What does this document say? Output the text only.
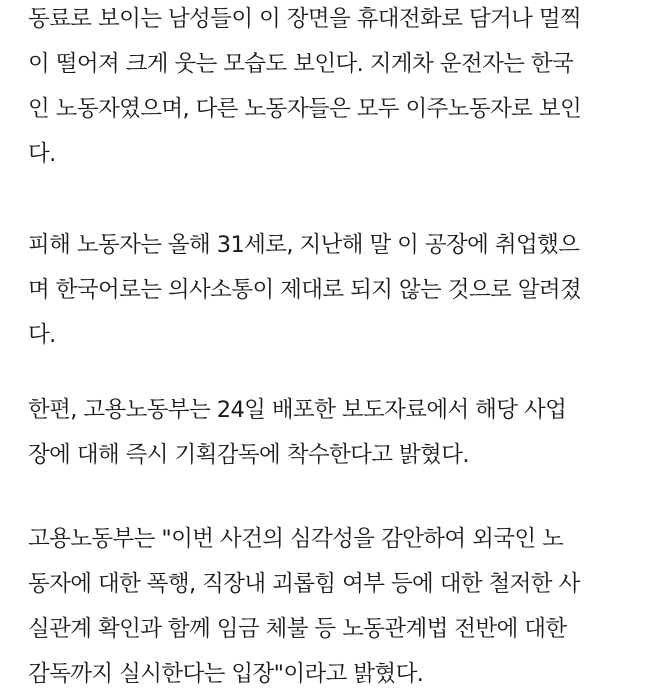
동료로 보이는 남성들이 이 장면을 휴대전화로 담거나 멀찍
이 떨어져 크게 웃는 모습도 보인다. 지게차 운전자는 한국
인 노동자였으며, 다른 노동자들은 모두 이주노동자로 보인
다.

피해 노동자는 올해 31세로, 지난해 말 이 공장에 취업했으
며 한국어로는 의사소통이 제대로 되지 않는 것으로 알려졌
다.

한편, 고용노동부는 24일 배포한 보도자료에서 해당 사업
장에 대해 즉시 기획감독에 착수한다고 밝혔다.

고용노동부는 "이번 사건의 심각성을 감안하여 외국인 노
동자에 대한 폭행, 직장내 괴롭힘 여부 등에 대한 철저한 사
실관계 확인과 함께 임금 체불 등 노동관계법 전반에 대한
감독까지 실시한다는 입장"이라고 밝혔다.
